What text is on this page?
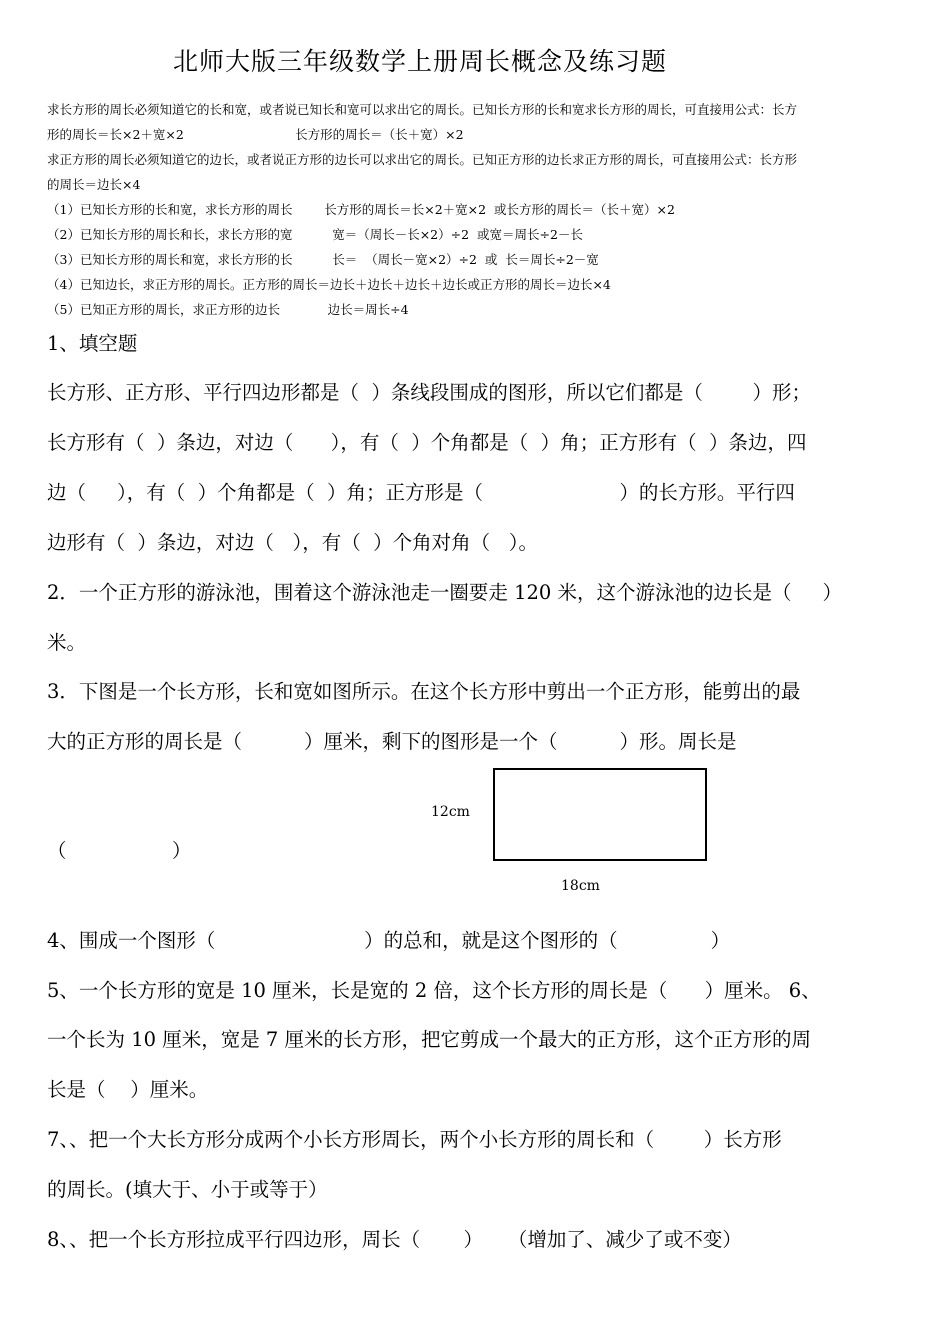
北师大版三年级数学上册周长概念及练习题
求长方形的周长必须知道它的长和宽，或者说已知长和宽可以求出它的周长。已知长方形的长和宽求长方形的周长，可直接用公式：长方
形的周长＝长×2＋宽×2                            长方形的周长＝（长＋宽）×2
求正方形的周长必须知道它的边长，或者说正方形的边长可以求出它的周长。已知正方形的边长求正方形的周长，可直接用公式：长方形
的周长＝边长×4
（1）已知长方形的长和宽，求长方形的周长        长方形的周长＝长×2＋宽×2  或长方形的周长＝（长＋宽）×2
（2）已知长方形的周长和长，求长方形的宽          宽＝（周长－长×2）÷2  或宽＝周长÷2－长
（3）已知长方形的周长和宽，求长方形的长          长＝  （周长－宽×2）÷2  或  长＝周长÷2－宽
（4）已知边长，求正方形的周长。正方形的周长＝边长＋边长＋边长＋边长或正方形的周长＝边长×4
（5）已知正方形的周长，求正方形的边长            边长＝周长÷4
1、填空题
长方形、正方形、平行四边形都是（  ）条线段围成的图形，所以它们都是（        ）形；
长方形有（  ）条边，对边（      ），有（  ）个角都是（  ）角；正方形有（  ）条边，四
边（     ），有（  ）个角都是（  ）角；正方形是（                      ）的长方形。平行四
边形有（  ）条边，对边（   ），有（  ）个角对角（   ）。
2．一个正方形的游泳池，围着这个游泳池走一圈要走 120 米，这个游泳池的边长是（     ）
米。
3．下图是一个长方形，长和宽如图所示。在这个长方形中剪出一个正方形，能剪出的最
大的正方形的周长是（          ）厘米，剩下的图形是一个（          ）形。周长是
12cm
18cm
（                 ）
4、围成一个图形（                        ）的总和，就是这个图形的（               ）
5、一个长方形的宽是 10 厘米，长是宽的 2 倍，这个长方形的周长是（      ）厘米。 6、
一个长为 10 厘米，宽是 7 厘米的长方形，把它剪成一个最大的正方形，这个正方形的周
长是（    ）厘米。
7、、把一个大长方形分成两个小长方形周长，两个小长方形的周长和（        ）长方形
的周长。(填大于、小于或等于）
8、、把一个长方形拉成平行四边形，周长（       ）    （增加了、减少了或不变）
